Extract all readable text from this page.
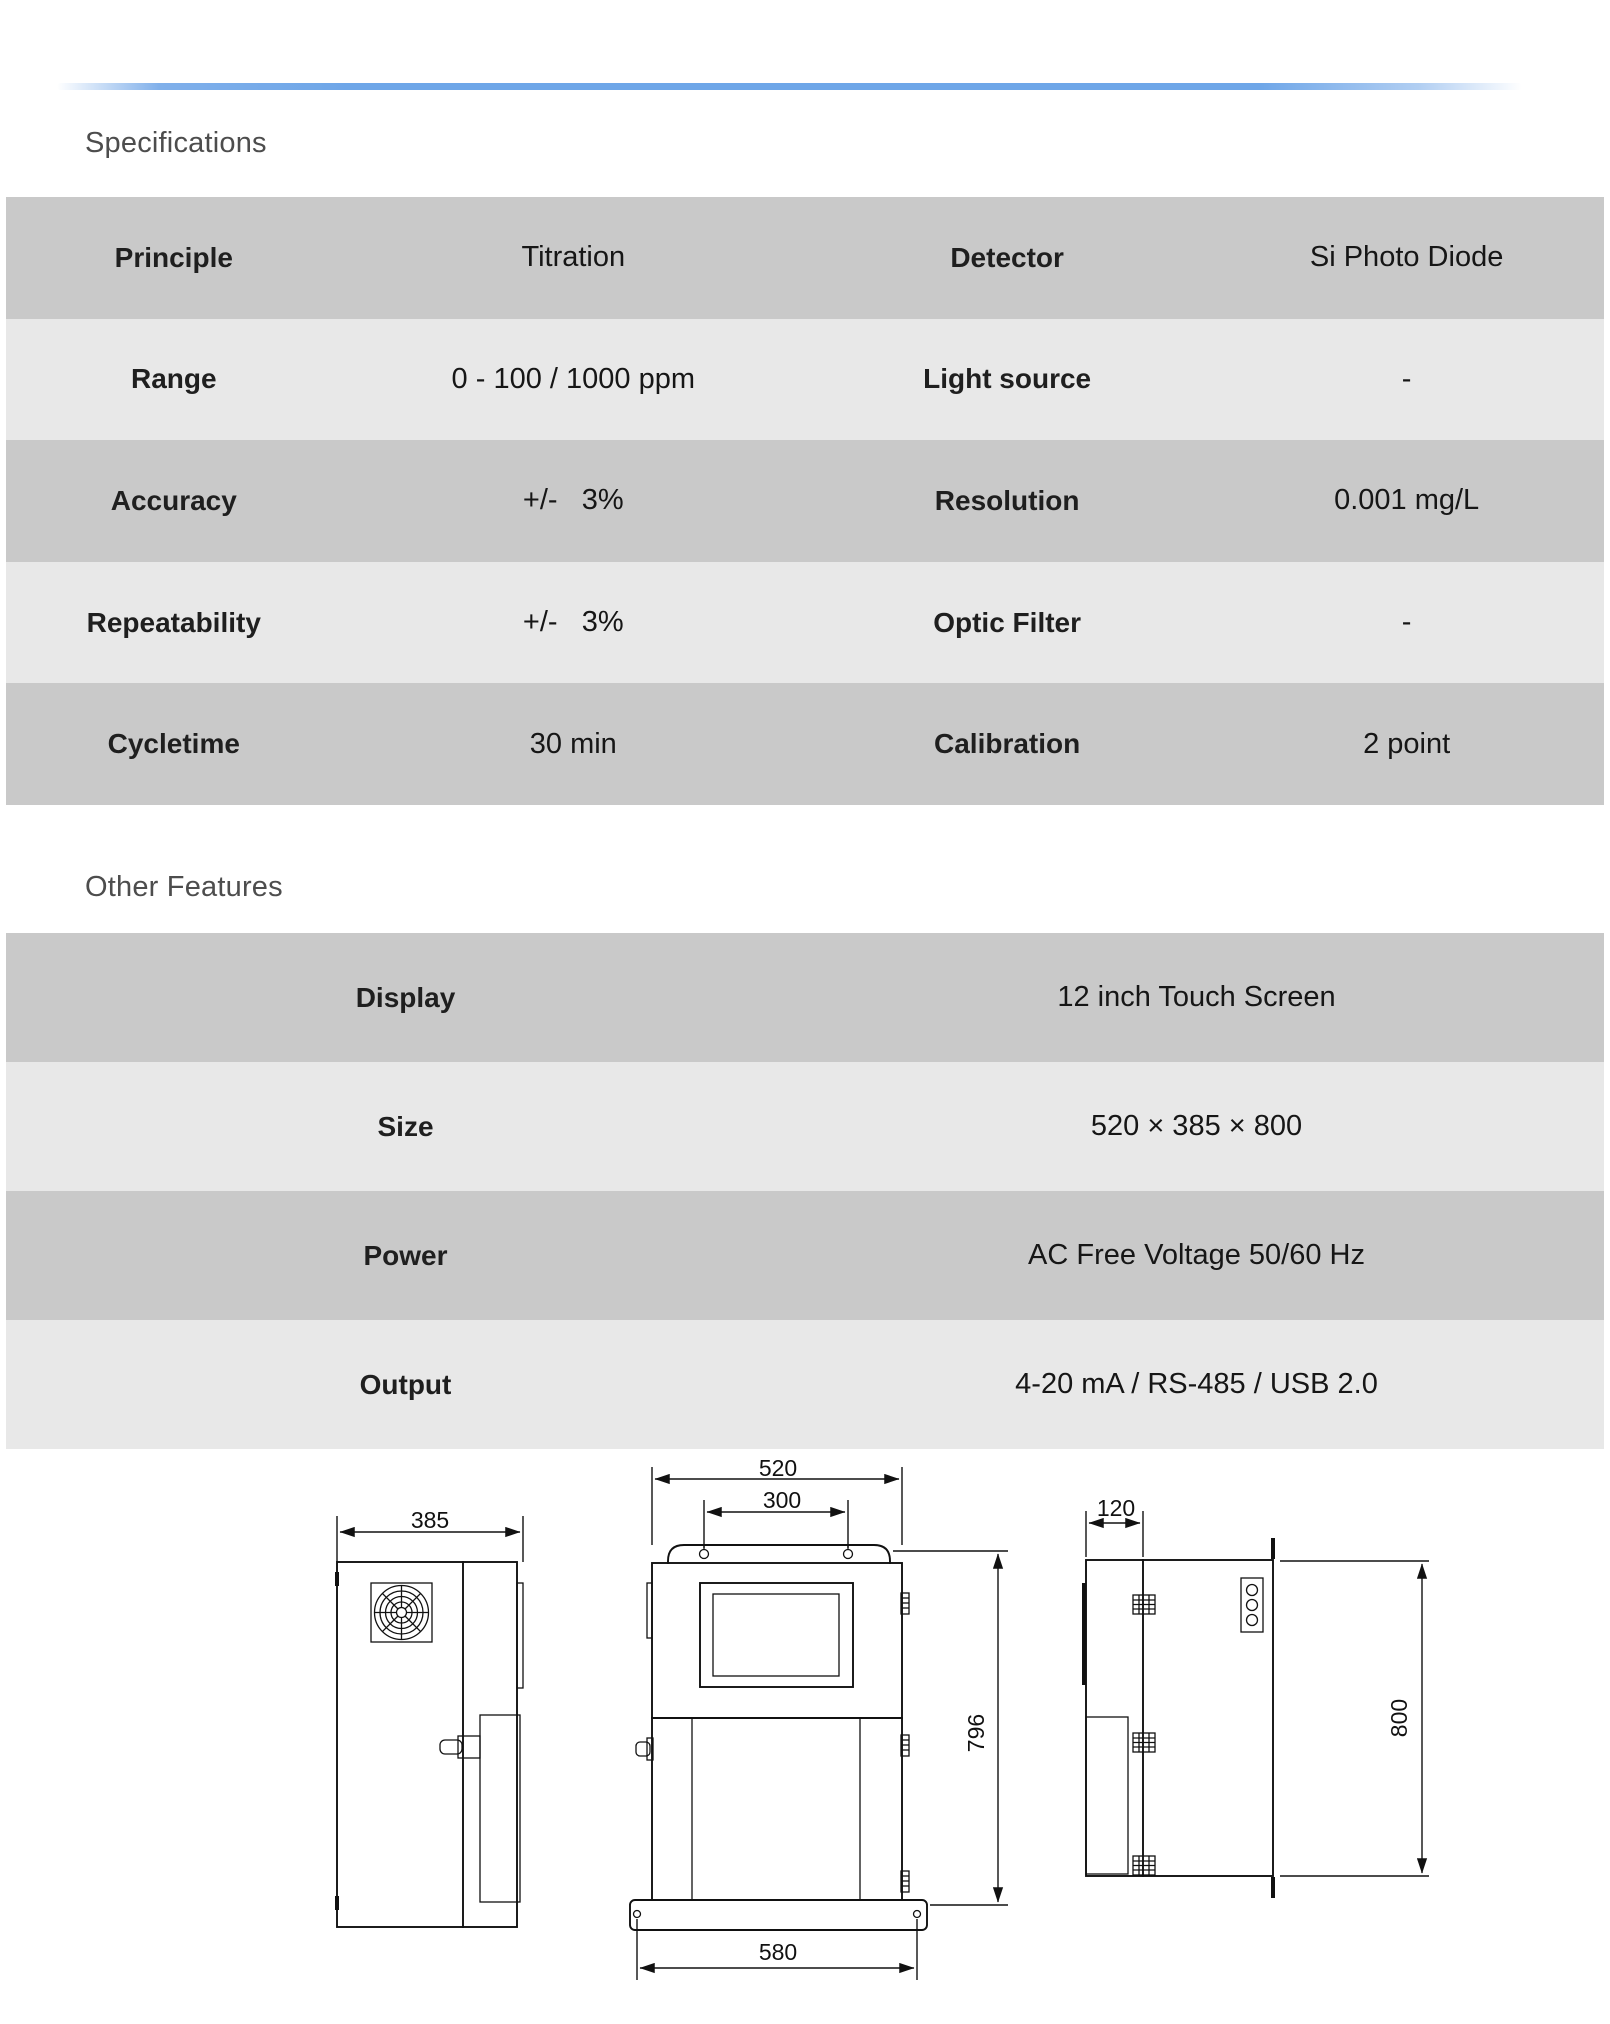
Specifications
Principle	Titration	Detector	Si Photo Diode
Range	0 - 100 / 1000 ppm	Light source	-
Accuracy	+/-   3%	Resolution	0.001 mg/L
Repeatability	+/-   3%	Optic Filter	-
Cycletime	30 min	Calibration	2 point
Other Features
Display	12 inch Touch Screen
Size	520 × 385 × 800
Power	AC Free Voltage 50/60 Hz
Output	4-20 mA / RS-485 / USB 2.0
385
520
300
796
580
120
800
